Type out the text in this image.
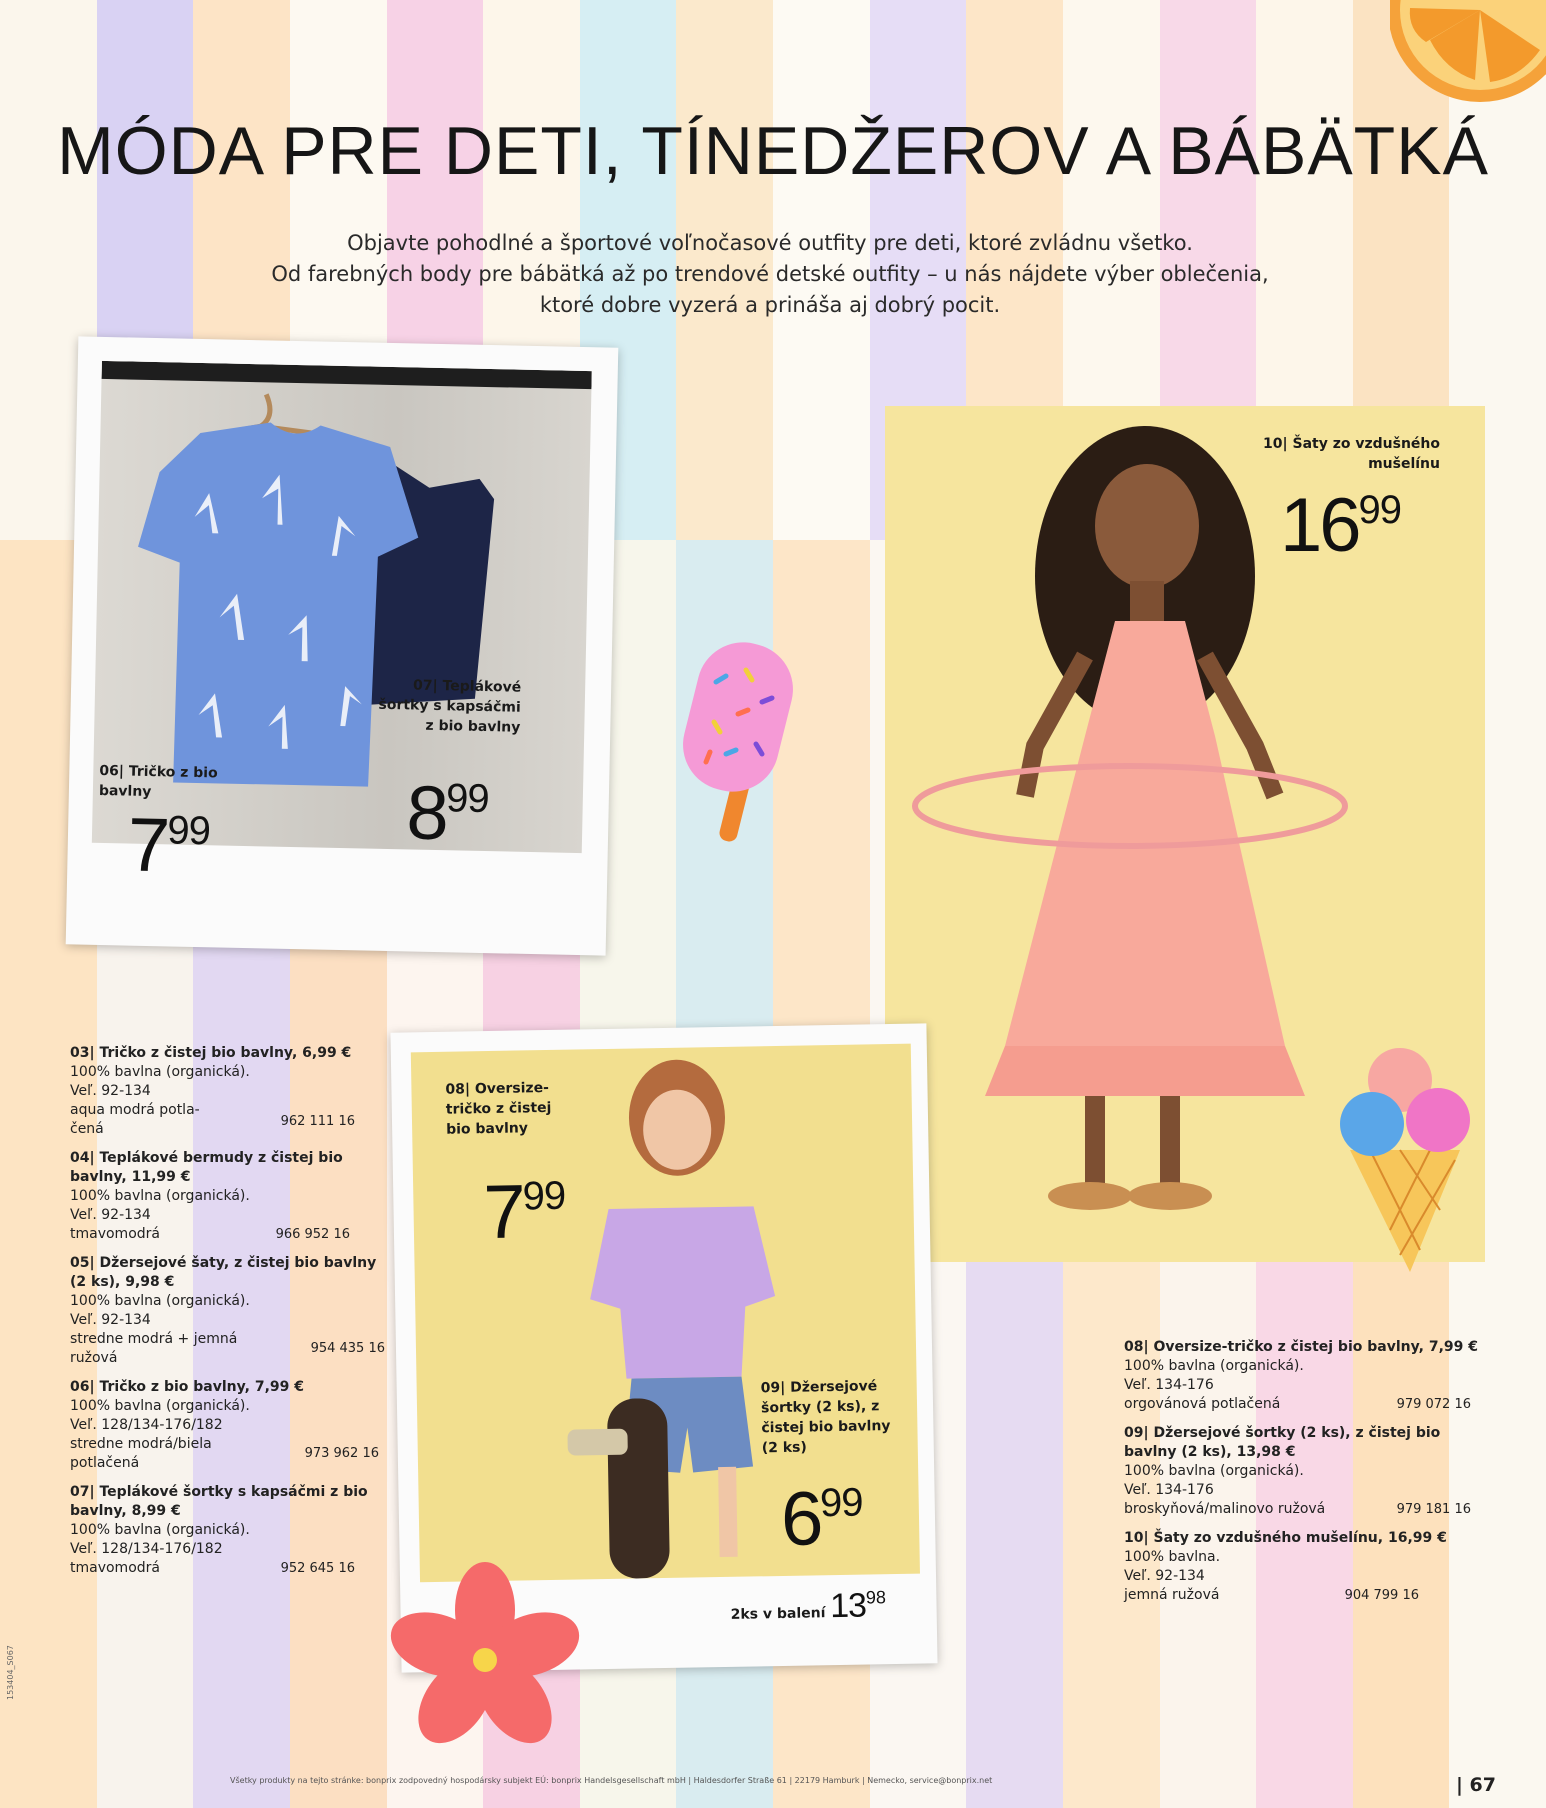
MÓDA PRE DETI, TÍNEDŽEROV A BÁBÄTKÁ
Objavte pohodlné a športové voľnočasové outfity pre deti, ktoré zvládnu všetko.
Od farebných body pre bábätká až po trendové detské outfity – u nás nájdete výber oblečenia,
ktoré dobre vyzerá a prináša aj dobrý pocit.
07| Teplákové šortky s kapsáčmi z bio bavlny
899
06| Tričko z bio bavlny
799
10| Šaty zo vzdušného mušelínu
1699
08| Oversize-tričko z čistej bio bavlny
799
09| Džersejové šortky (2 ks), z čistej bio bavlny (2 ks)
699
2ks v balení 1398
03| Tričko z čistej bio bavlny, 6,99 €
100% bavlna (organická).
Veľ. 92-134
aqua modrá potla-
čená	962 111 16
04| Teplákové bermudy z čistej bio bavlny, 11,99 €
100% bavlna (organická).
Veľ. 92-134
tmavomodrá	966 952 16
05| Džersejové šaty, z čistej bio bavlny (2 ks), 9,98 €
100% bavlna (organická).
Veľ. 92-134
stredne modrá + jemná
ružová
954 435 16
06| Tričko z bio bavlny, 7,99 €
100% bavlna (organická).
Veľ. 128/134-176/182
stredne modrá/biela
potlačená
973 962 16
07| Teplákové šortky s kapsáčmi z bio bavlny, 8,99 €
100% bavlna (organická).
Veľ. 128/134-176/182
tmavomodrá	952 645 16
08| Oversize-tričko z čistej bio bavlny, 7,99 €
100% bavlna (organická).
Veľ. 134-176
orgovánová potlačená	979 072 16
09| Džersejové šortky (2 ks), z čistej bio bavlny (2 ks), 13,98 €
100% bavlna (organická).
Veľ. 134-176
broskyňová/malinovo ružová	979 181 16
10| Šaty zo vzdušného mušelínu, 16,99 €
100% bavlna.
Veľ. 92-134
jemná ružová	904 799 16
153404_S067
Všetky produkty na tejto stránke: bonprix zodpovedný hospodársky subjekt EÚ: bonprix Handelsgesellschaft mbH | Haldesdorfer Straße 61 | 22179 Hamburk | Nemecko, service@bonprix.net	| 67
